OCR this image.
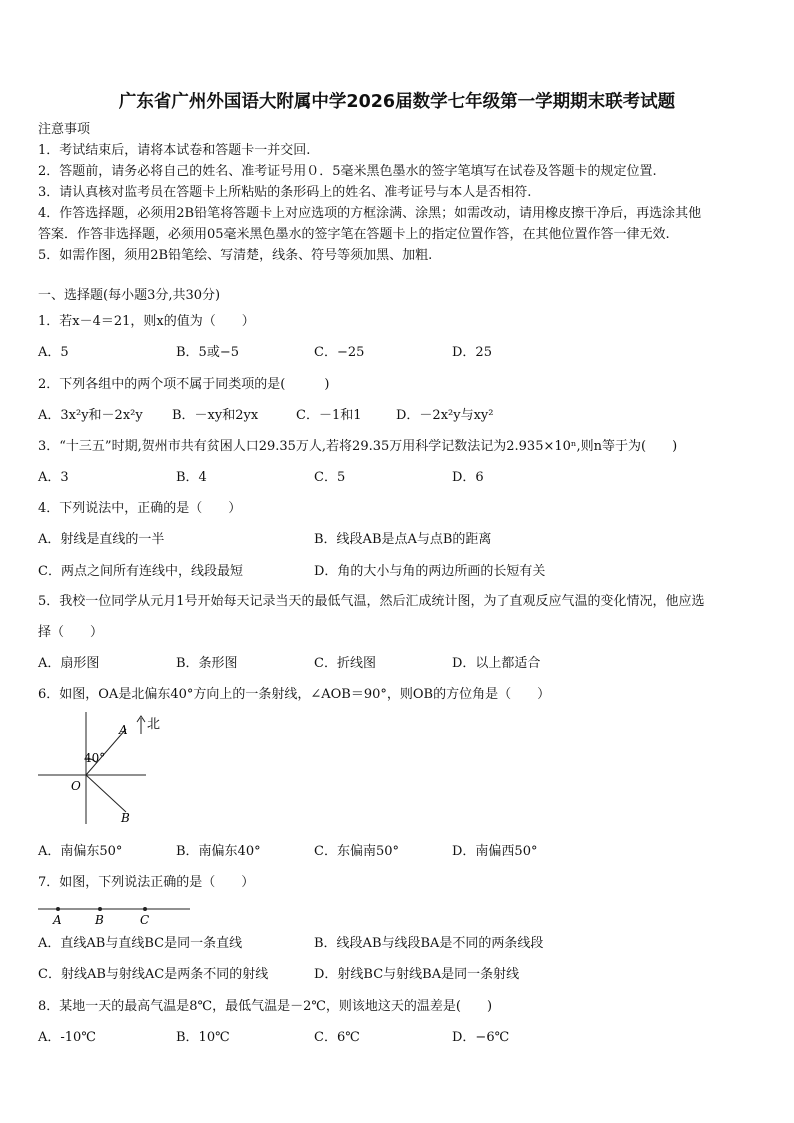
广东省广州外国语大附属中学2026届数学七年级第一学期期末联考试题
注意事项
1．考试结束后，请将本试卷和答题卡一并交回.
2．答题前，请务必将自己的姓名、准考证号用０．5毫米黑色墨水的签字笔填写在试卷及答题卡的规定位置.
3．请认真核对监考员在答题卡上所粘贴的条形码上的姓名、准考证号与本人是否相符.
4．作答选择题，必须用2B铅笔将答题卡上对应选项的方框涂满、涂黑；如需改动，请用橡皮擦干净后，再选涂其他
答案．作答非选择题，必须用05毫米黑色墨水的签字笔在答题卡上的指定位置作答，在其他位置作答一律无效.
5．如需作图，须用2B铅笔绘、写清楚，线条、符号等须加黑、加粗.
一、选择题(每小题3分,共30分)
1．若x－4＝21，则x的值为（　　）
A．5	B．5或−5	C．−25	D．25
2．下列各组中的两个项不属于同类项的是(　　　)
A．3x²y和－2x²y B．－xy和2yx	C．－1和1	D．－2x²y与xy²
3．“十三五”时期,贺州市共有贫困人口29.35万人,若将29.35万用科学记数法记为2.935×10ⁿ,则n等于为(　　)
A．3	B．4	C．5	D．6
4．下列说法中，正确的是（　　）
A．射线是直线的一半	B．线段AB是点A与点B的距离
C．两点之间所有连线中，线段最短	D．角的大小与角的两边所画的长短有关
5．我校一位同学从元月1号开始每天记录当天的最低气温，然后汇成统计图，为了直观反应气温的变化情况，他应选
择（　　）
A．扇形图	B．条形图	C．折线图	D．以上都适合
6．如图，OA是北偏东40°方向上的一条射线，∠AOB＝90°，则OB的方位角是（　　）
北
40°
O
A
B
A．南偏东50°	B．南偏东40°	C．东偏南50°	D．南偏西50°
7．如图，下列说法正确的是（　　）
A	B	C
A．直线AB与直线BC是同一条直线	B．线段AB与线段BA是不同的两条线段
C．射线AB与射线AC是两条不同的射线	D．射线BC与射线BA是同一条射线
8．某地一天的最高气温是8℃，最低气温是－2℃，则该地这天的温差是(　　)
A．-10℃	B．10℃	C．6℃	D．−6℃
